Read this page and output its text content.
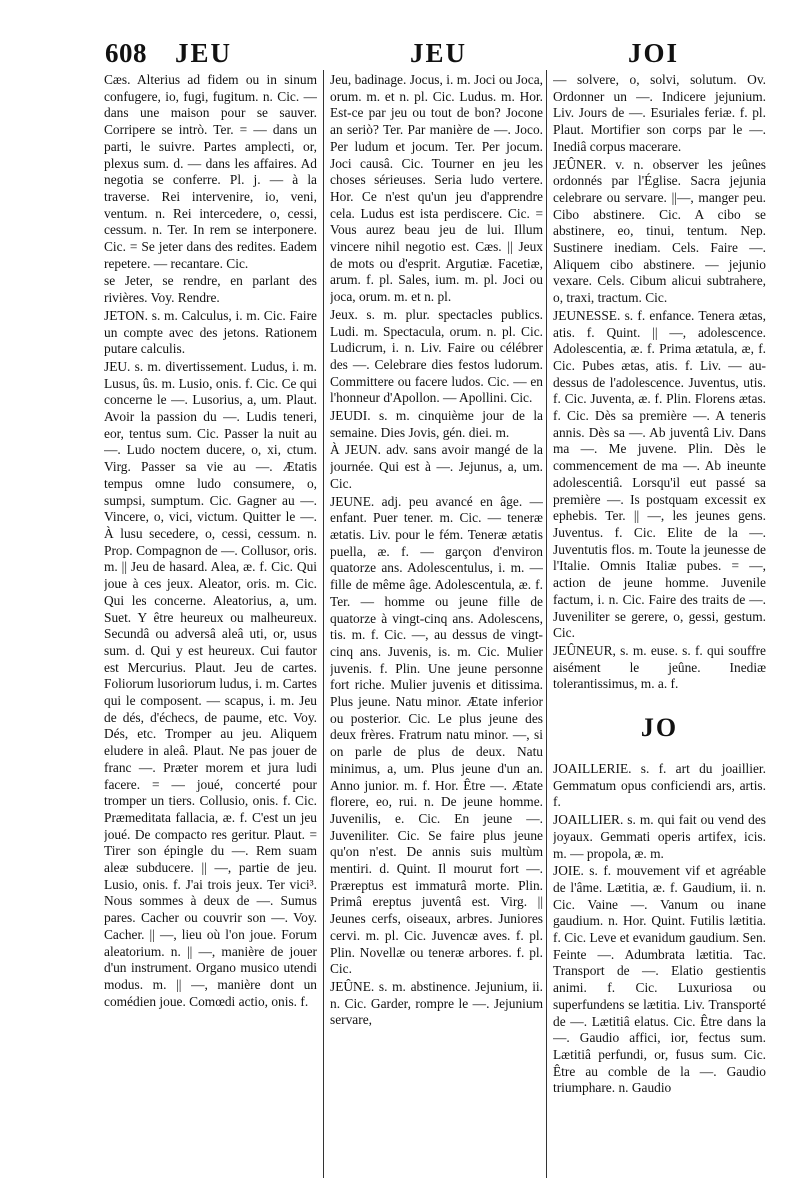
608 JEU	JEU	JOI

Cæs. Alterius ad fidem ou in sinum confugere, io, fugi, fugitum. n. Cic. — dans une maison pour se sauver. Corripere se intrò. Ter. = — dans un parti, le suivre. Partes amplecti, or, plexus sum. d. — dans les affaires. Ad negotia se conferre. Pl. j. — à la traverse. Rei intervenire, io, veni, ventum. n. Rei intercedere, o, cessi, cessum. n. Ter. In rem se interponere. Cic. = Se jeter dans des redites. Eadem repetere. — recantare. Cic.

se Jeter, se rendre, en parlant des rivières. Voy. Rendre.

JETON. s. m. Calculus, i. m. Cic. Faire un compte avec des jetons. Rationem putare calculis.

JEU. s. m. divertissement. Ludus, i. m. Lusus, ûs. m. Lusio, onis. f. Cic. Ce qui concerne le —. Lusorius, a, um. Plaut. Avoir la passion du —. Ludis teneri, eor, tentus sum. Cic. Passer la nuit au —. Ludo noctem ducere, o, xi, ctum. Virg. Passer sa vie au —. Ætatis tempus omne ludo consumere, o, sumpsi, sumptum. Cic. Gagner au —. Vincere, o, vici, victum. Quitter le —. À lusu secedere, o, cessi, cessum. n. Prop. Compagnon de —. Collusor, oris. m. || Jeu de hasard. Alea, æ. f. Cic. Qui joue à ces jeux. Aleator, oris. m. Cic. Qui les concerne. Aleatorius, a, um. Suet. Y être heureux ou malheureux. Secundâ ou adversâ aleâ uti, or, usus sum. d. Qui y est heureux. Cui fautor est Mercurius. Plaut. Jeu de cartes. Foliorum lusoriorum ludus, i. m. Cartes qui le composent. — scapus, i. m. Jeu de dés, d'échecs, de paume, etc. Voy. Dés, etc. Tromper au jeu. Aliquem eludere in aleâ. Plaut. Ne pas jouer de franc —. Præter morem et jura ludi facere. = — joué, concerté pour tromper un tiers. Collusio, onis. f. Cic. Præmeditata fallacia, æ. f. C'est un jeu joué. De compacto res geritur. Plaut. = Tirer son épingle du —. Rem suam aleæ subducere. || —, partie de jeu. Lusio, onis. f. J'ai trois jeux. Ter vici³. Nous sommes à deux de —. Sumus pares. Cacher ou couvrir son —. Voy. Cacher. || —, lieu où l'on joue. Forum aleatorium. n. || —, manière de jouer d'un instrument. Organo musico utendi modus. m. || —, manière dont un comédien joue. Comœdi actio, onis. f.

Jeu, badinage. Jocus, i. m. Joci ou Joca, orum. m. et n. pl. Cic. Ludus. m. Hor. Est-ce par jeu ou tout de bon? Jocone an seriò? Ter. Par manière de —. Joco. Per ludum et jocum. Ter. Per jocum. Joci causâ. Cic. Tourner en jeu les choses sérieuses. Seria ludo vertere. Hor. Ce n'est qu'un jeu d'apprendre cela. Ludus est ista perdiscere. Cic. = Vous aurez beau jeu de lui. Illum vincere nihil negotio est. Cæs. || Jeux de mots ou d'esprit. Argutiæ. Facetiæ, arum. f. pl. Sales, ium. m. pl. Joci ou joca, orum. m. et n. pl.

Jeux. s. m. plur. spectacles publics. Ludi. m. Spectacula, orum. n. pl. Cic. Ludicrum, i. n. Liv. Faire ou célébrer des —. Celebrare dies festos ludorum. Committere ou facere ludos. Cic. — en l'honneur d'Apollon. — Apollini. Cic.

JEUDI. s. m. cinquième jour de la semaine. Dies Jovis, gén. diei. m.

À JEUN. adv. sans avoir mangé de la journée. Qui est à —. Jejunus, a, um. Cic.

JEUNE. adj. peu avancé en âge. — enfant. Puer tener. m. Cic. — teneræ ætatis. Liv. pour le fém. Teneræ ætatis puella, æ. f. — garçon d'environ quatorze ans. Adolescentulus, i. m. — fille de même âge. Adolescentula, æ. f. Ter. — homme ou jeune fille de quatorze à vingt-cinq ans. Adolescens, tis. m. f. Cic. —, au dessus de vingt-cinq ans. Juvenis, is. m. Cic. Mulier juvenis. f. Plin. Une jeune personne fort riche. Mulier juvenis et ditissima. Plus jeune. Natu minor. Ætate inferior ou posterior. Cic. Le plus jeune des deux frères. Fratrum natu minor. —, si on parle de plus de deux. Natu minimus, a, um. Plus jeune d'un an. Anno junior. m. f. Hor. Être —. Ætate florere, eo, rui. n. De jeune homme. Juvenilis, e. Cic. En jeune —. Juveniliter. Cic. Se faire plus jeune qu'on n'est. De annis suis multùm mentiri. d. Quint. Il mourut fort —. Præreptus est immaturâ morte. Plin. Primâ ereptus juventâ est. Virg. || Jeunes cerfs, oiseaux, arbres. Juniores cervi. m. pl. Cic. Juvencæ aves. f. pl. Plin. Novellæ ou teneræ arbores. f. pl. Cic.

JEÛNE. s. m. abstinence. Jejunium, ii. n. Cic. Garder, rompre le —. Jejunium servare,

— solvere, o, solvi, solutum. Ov. Ordonner un —. Indicere jejunium. Liv. Jours de —. Esuriales feriæ. f. pl. Plaut. Mortifier son corps par le —. Inediâ corpus macerare.

JEÛNER. v. n. observer les jeûnes ordonnés par l'Église. Sacra jejunia celebrare ou servare. ||—, manger peu. Cibo abstinere. Cic. A cibo se abstinere, eo, tinui, tentum. Nep. Sustinere inediam. Cels. Faire —. Aliquem cibo abstinere. — jejunio vexare. Cels. Cibum alicui subtrahere, o, traxi, tractum. Cic.

JEUNESSE. s. f. enfance. Tenera ætas, atis. f. Quint. || —, adolescence. Adolescentia, æ. f. Prima ætatula, æ, f. Cic. Pubes ætas, atis. f. Liv. — au-dessus de l'adolescence. Juventus, utis. f. Cic. Juventa, æ. f. Plin. Florens ætas. f. Cic. Dès sa première —. A teneris annis. Dès sa —. Ab juventâ Liv. Dans ma —. Me juvene. Plin. Dès le commencement de ma —. Ab ineunte adolescentiâ. Lorsqu'il eut passé sa première —. Is postquam excessit ex ephebis. Ter. || —, les jeunes gens. Juventus. f. Cic. Elite de la —. Juventutis flos. m. Toute la jeunesse de l'Italie. Omnis Italiæ pubes. = —, action de jeune homme. Juvenile factum, i. n. Cic. Faire des traits de —. Juveniliter se gerere, o, gessi, gestum. Cic.

JEÛNEUR, s. m. euse. s. f. qui souffre aisément le jeûne. Inediæ tolerantissimus, m. a. f.

JO

JOAILLERIE. s. f. art du joaillier. Gemmatum opus conficiendi ars, artis. f.

JOAILLIER. s. m. qui fait ou vend des joyaux. Gemmati operis artifex, icis. m. — propola, æ. m.

JOIE. s. f. mouvement vif et agréable de l'âme. Lætitia, æ. f. Gaudium, ii. n. Cic. Vaine —. Vanum ou inane gaudium. n. Hor. Quint. Futilis lætitia. f. Cic. Leve et evanidum gaudium. Sen. Feinte —. Adumbrata lætitia. Tac. Transport de —. Elatio gestientis animi. f. Cic. Luxuriosa ou superfundens se lætitia. Liv. Transporté de —. Lætitiâ elatus. Cic. Être dans la —. Gaudio affici, ior, fectus sum. Lætitiâ perfundi, or, fusus sum. Cic. Être au comble de la —. Gaudio triumphare. n. Gaudio
